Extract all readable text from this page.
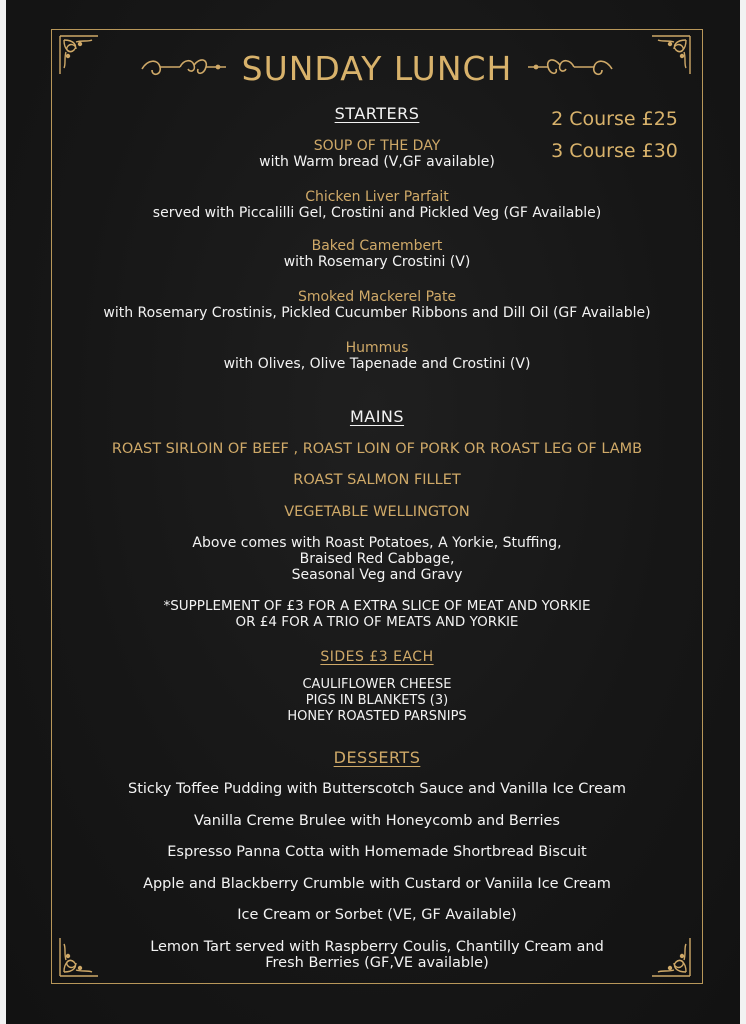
SUNDAY LUNCH
2 Course £25
3 Course £30
STARTERS
SOUP OF THE DAY
with Warm bread (V,GF available)
Chicken Liver Parfait
served with Piccalilli Gel, Crostini and Pickled Veg (GF Available)
Baked Camembert
with Rosemary Crostini (V)
Smoked Mackerel Pate
with Rosemary Crostinis, Pickled Cucumber Ribbons and Dill Oil (GF Available)
Hummus
with Olives, Olive Tapenade and Crostini (V)
MAINS
ROAST SIRLOIN OF BEEF , ROAST LOIN OF PORK OR ROAST LEG OF LAMB
ROAST SALMON FILLET
VEGETABLE WELLINGTON
Above comes with Roast Potatoes, A Yorkie, Stuffing,
Braised Red Cabbage,
Seasonal Veg and Gravy
*SUPPLEMENT OF £3 FOR A EXTRA SLICE OF MEAT AND YORKIE
OR £4 FOR A TRIO OF MEATS AND YORKIE
SIDES £3 EACH
CAULIFLOWER CHEESE
PIGS IN BLANKETS (3)
HONEY ROASTED PARSNIPS
DESSERTS
Sticky Toffee Pudding with Butterscotch Sauce and Vanilla Ice Cream
Vanilla Creme Brulee with Honeycomb and Berries
Espresso Panna Cotta with Homemade Shortbread Biscuit
Apple and Blackberry Crumble with Custard or Vaniila Ice Cream
Ice Cream or Sorbet (VE, GF Available)
Lemon Tart served with Raspberry Coulis, Chantilly Cream and
Fresh Berries (GF,VE available)
